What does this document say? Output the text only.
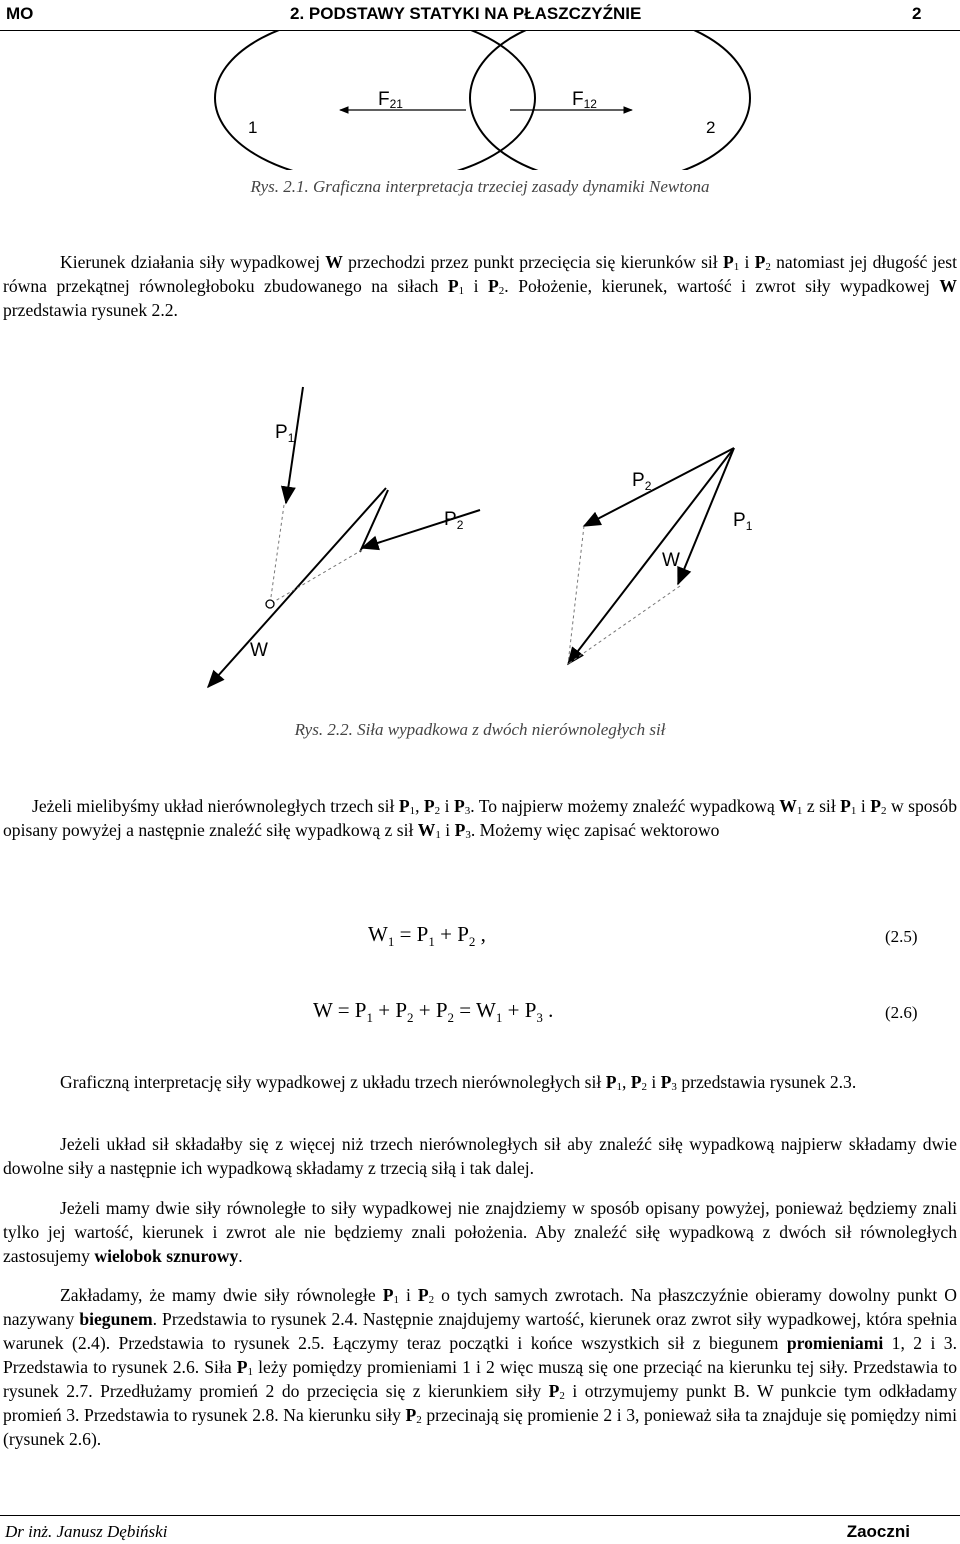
MO	2. PODSTAWY STATYKI NA PŁASZCZYŹNIE	2
1	2
F21	F12
Rys. 2.1. Graficzna interpretacja trzeciej zasady dynamiki Newtona
Kierunek działania siły wypadkowej W przechodzi przez punkt przecięcia się kierunków sił $P_1$ i $P_2$ natomiast jej długość jest równa przekątnej równoległoboku zbudowanego na siłach $P_1$ i $P_2$. Położenie, kierunek, wartość i zwrot siły wypadkowej W przedstawia rysunek 2.2.
$P_1$
$P_2$
W
$P_2$
$P_1$
W
Rys. 2.2. Siła wypadkowa z dwóch nierównoległych sił
Jeżeli mielibyśmy układ nierównoległych trzech sił $P_1$, $P_2$ i $P_3$. To najpierw możemy znaleźć wypadkową $W_1$ z sił $P_1$ i $P_2$ w sposób opisany powyżej a następnie znaleźć siłę wypadkową z sił $W_1$ i $P_3$. Możemy więc zapisać wektorowo
$W_1 = P_1 + P_2$ ,	(2.5)
$W = P_1 + P_2 + P_2 = W_1 + P_3$ .	(2.6)
Graficzną interpretację siły wypadkowej z układu trzech nierównoległych sił $P_1$, $P_2$ i $P_3$ przedstawia rysunek 2.3.
Jeżeli układ sił składałby się z więcej niż trzech nierównoległych sił aby znaleźć siłę wypadkową najpierw składamy dwie dowolne siły a następnie ich wypadkową składamy z trzecią siłą i tak dalej.
Jeżeli mamy dwie siły równoległe to siły wypadkowej nie znajdziemy w sposób opisany powyżej, ponieważ będziemy znali tylko jej wartość, kierunek i zwrot ale nie będziemy znali położenia. Aby znaleźć siłę wypadkową z dwóch sił równoległych zastosujemy wielobok sznurowy.
Zakładamy, że mamy dwie siły równoległe $P_1$ i $P_2$ o tych samych zwrotach. Na płaszczyźnie obieramy dowolny punkt O nazywany biegunem. Przedstawia to rysunek 2.4. Następnie znajdujemy wartość, kierunek oraz zwrot siły wypadkowej, która spełnia warunek (2.4). Przedstawia to rysunek 2.5. Łączymy teraz początki i końce wszystkich sił z biegunem promieniami 1, 2 i 3. Przedstawia to rysunek 2.6. Siła $P_1$ leży pomiędzy promieniami 1 i 2 więc muszą się one przeciąć na kierunku tej siły. Przedstawia to rysunek 2.7. Przedłużamy promień 2 do przecięcia się z kierunkiem siły $P_2$ i otrzymujemy punkt B. W punkcie tym odkładamy promień 3. Przedstawia to rysunek 2.8. Na kierunku siły $P_2$ przecinają się promienie 2 i 3, ponieważ siła ta znajduje się pomiędzy nimi (rysunek 2.6).
Dr inż. Janusz Dębiński	Zaoczni
